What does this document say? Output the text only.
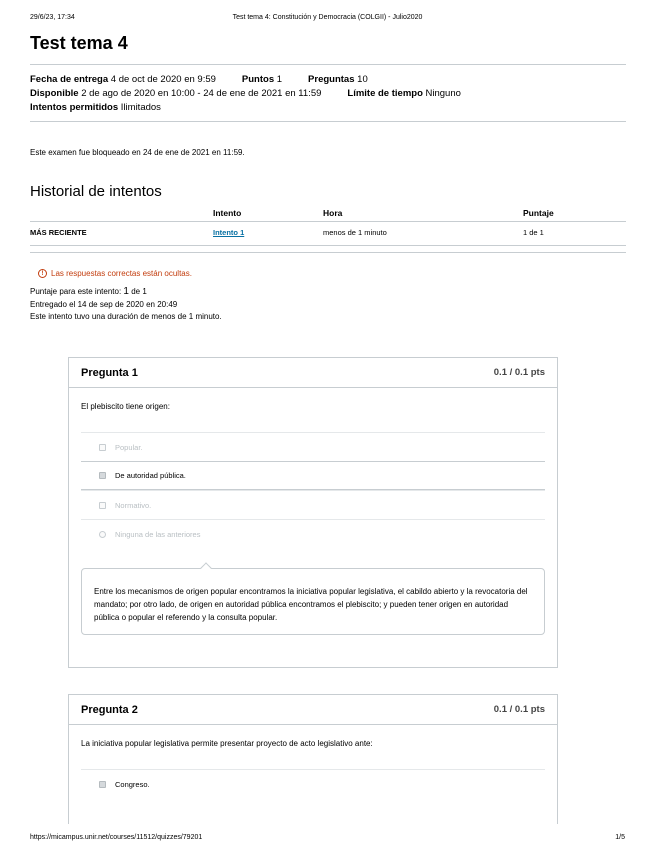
29/6/23, 17:34	Test tema 4: Constitución y Democracia (COLGII) - Julio2020
Test tema 4
Fecha de entrega 4 de oct de 2020 en 9:59	Puntos 1	Preguntas 10
Disponible 2 de ago de 2020 en 10:00 - 24 de ene de 2021 en 11:59	Límite de tiempo Ninguno
Intentos permitidos Ilimitados

Este examen fue bloqueado en 24 de ene de 2021 en 11:59.

Historial de intentos
	Intento	Hora	Puntaje
MÁS RECIENTE	Intento 1	menos de 1 minuto	1 de 1
! Las respuestas correctas están ocultas.
Puntaje para este intento: 1 de 1
Entregado el 14 de sep de 2020 en 20:49
Este intento tuvo una duración de menos de 1 minuto.
Pregunta 1	0.1 / 0.1 pts
El plebiscito tiene origen:
Popular.
De autoridad pública.
Normativo.
Ninguna de las anteriores
Entre los mecanismos de origen popular encontramos la iniciativa popular legislativa, el cabildo abierto y la revocatoria del mandato; por otro lado, de origen en autoridad pública encontramos el plebiscito; y pueden tener origen en autoridad pública o popular el referendo y la consulta popular.
Pregunta 2	0.1 / 0.1 pts
La iniciativa popular legislativa permite presentar proyecto de acto legislativo ante:
Congreso.
https://micampus.unir.net/courses/11512/quizzes/79201	1/5
